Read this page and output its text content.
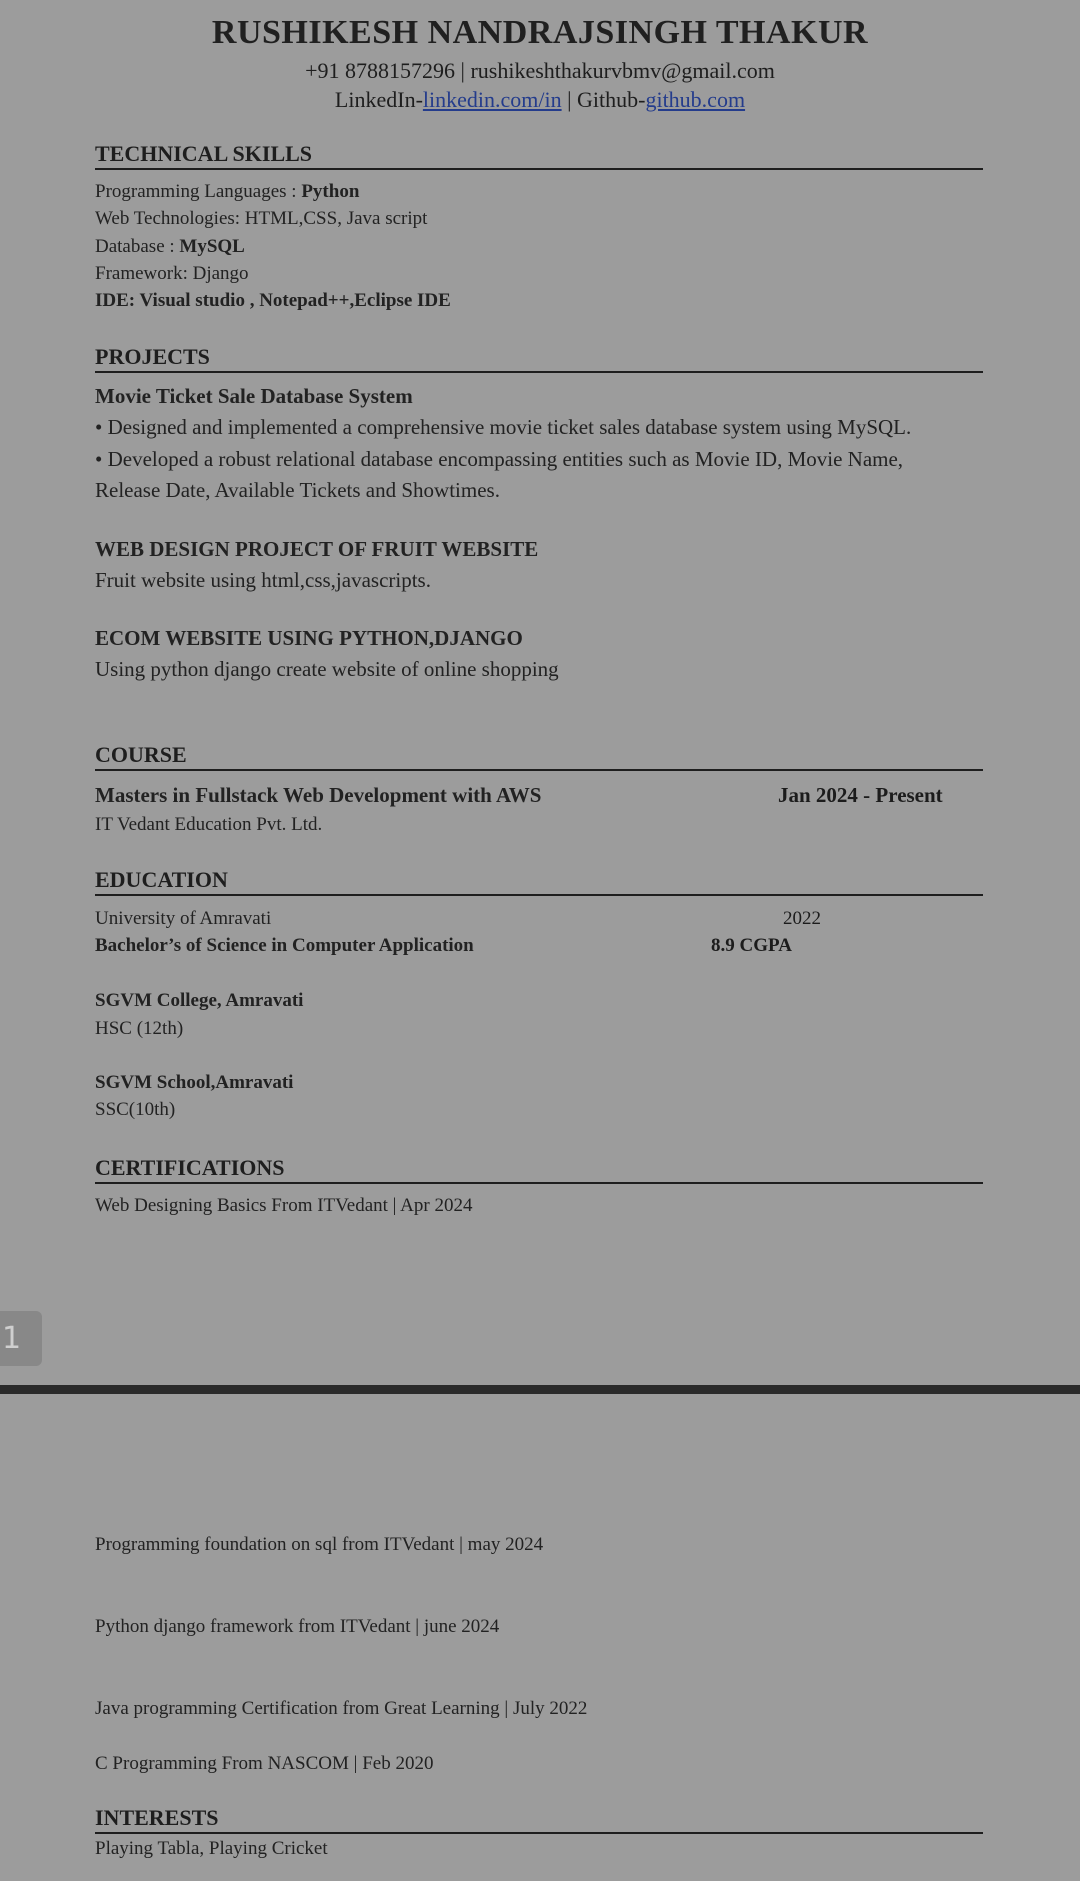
RUSHIKESH NANDRAJSINGH THAKUR
+91 8788157296 | rushikeshthakurvbmv@gmail.com
LinkedIn-linkedin.com/in | Github-github.com
TECHNICAL SKILLS
Programming Languages : Python
Web Technologies: HTML,CSS, Java script
Database : MySQL
Framework: Django
IDE: Visual studio , Notepad++,Eclipse IDE
PROJECTS
Movie Ticket Sale Database System
• Designed and implemented a comprehensive movie ticket sales database system using MySQL.
• Developed a robust relational database encompassing entities such as Movie ID, Movie Name,
Release Date, Available Tickets and Showtimes.
WEB DESIGN PROJECT OF FRUIT WEBSITE
Fruit website using html,css,javascripts.
ECOM WEBSITE USING PYTHON,DJANGO
Using python django create website of online shopping
COURSE
Masters in Fullstack Web Development with AWS	Jan 2024 - Present
IT Vedant Education Pvt. Ltd.
EDUCATION
University of Amravati	2022
Bachelor’s of Science in Computer Application	8.9 CGPA
SGVM College, Amravati
HSC (12th)
SGVM School,Amravati
SSC(10th)
CERTIFICATIONS
Web Designing Basics From ITVedant | Apr 2024
1
Programming foundation on sql from ITVedant | may 2024
Python django framework from ITVedant | june 2024
Java programming Certification from Great Learning | July 2022
C Programming From NASCOM | Feb 2020
INTERESTS
Playing Tabla, Playing Cricket
